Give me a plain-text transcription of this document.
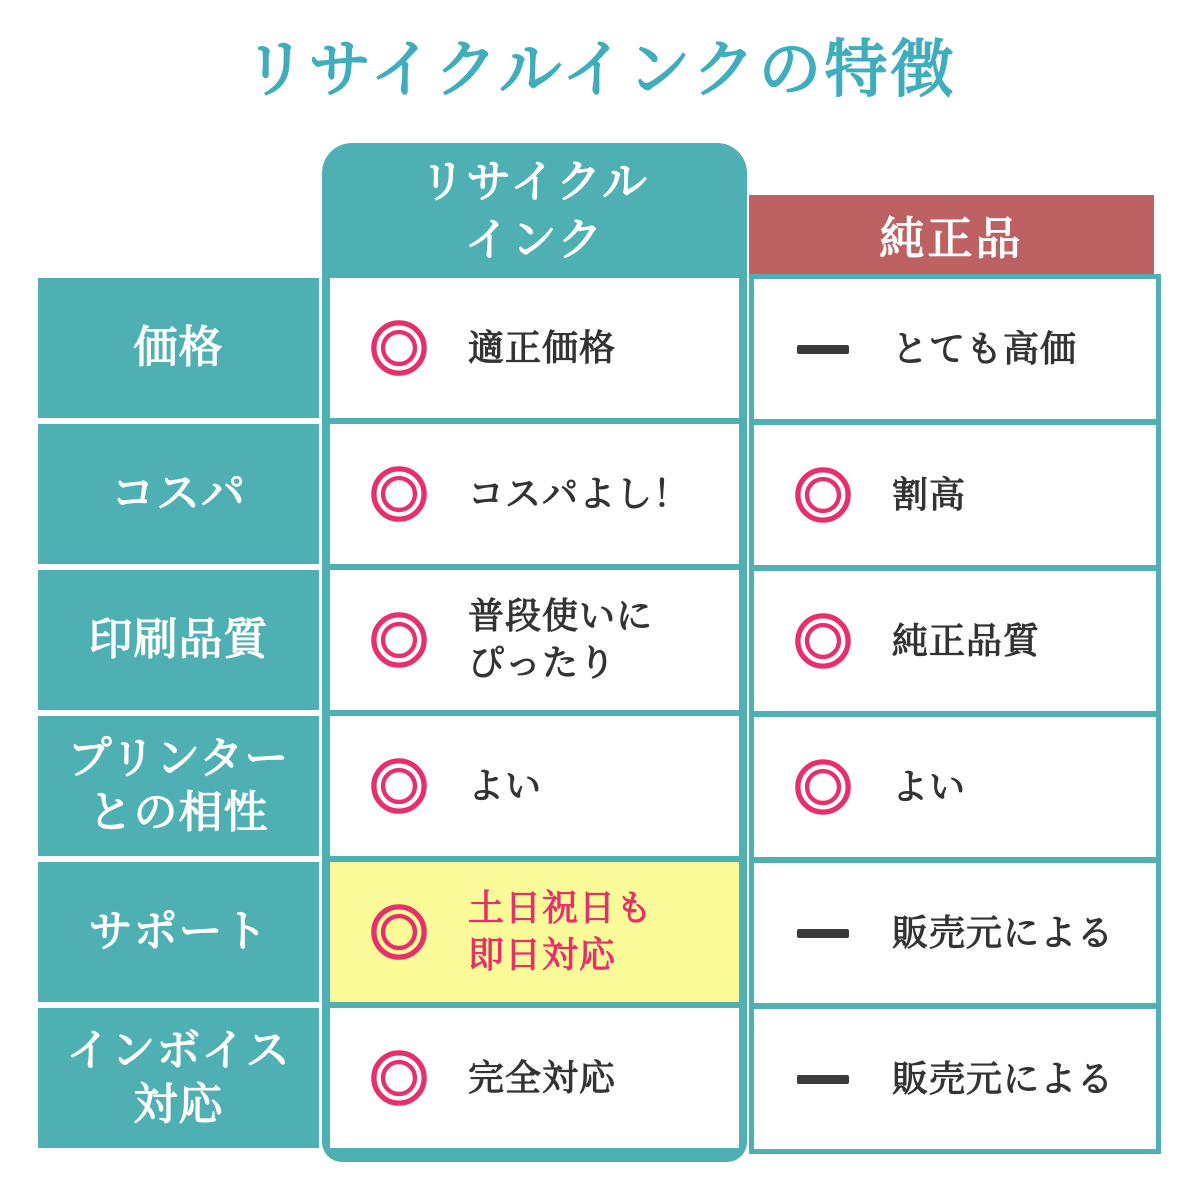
リサイクルインクの特徴
価格
コスパ
印刷品質
プリンター
との相性
サポート
インボイス
対応
リサイクル
インク
適正価格
コスパよし！
普段使いに
ぴったり
よい
土日祝日も
即日対応
完全対応
純正品
とても高価
割高
純正品質
よい
販売元による
販売元による
